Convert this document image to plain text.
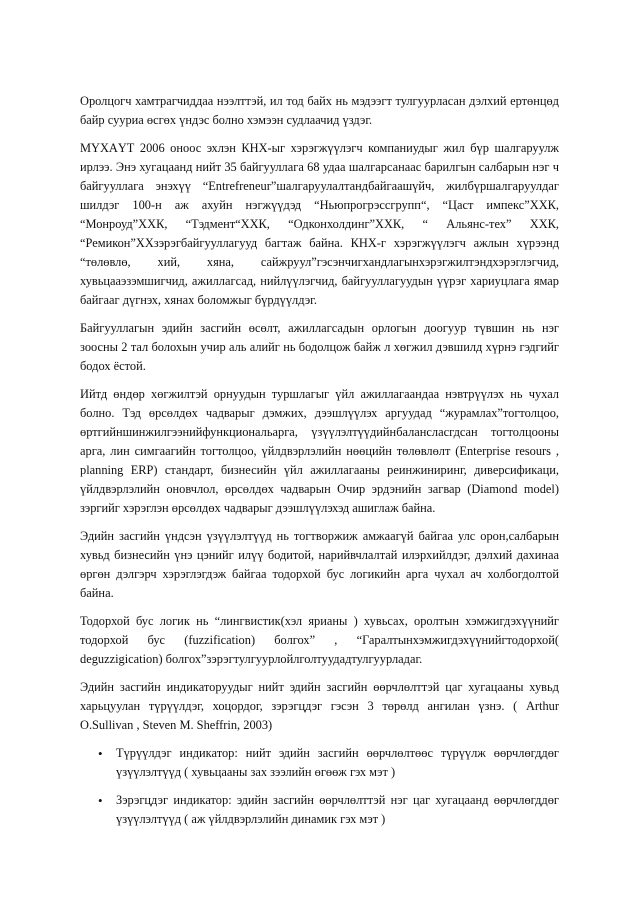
Оролцогч хамтрагчиддаа нээлттэй, ил тод байх нь мэдээгт тулгуурласан дэлхий ертөнцөд байр сууриа өсгөх үндэс болно хэмээн судлаачид үздэг.

МҮХАҮТ 2006 оноос эхлэн КНХ-ыг хэрэгжүүлэгч компаниудыг жил бүр шалгаруулж ирлээ. Энэ хугацаанд нийт 35 байгууллага 68 удаа шалгарсанаас барилгын салбарын нэг ч байгууллага энэхүү “Entrefreneur”шалгаруулалтандбайгаашүйч, жилбүршалгаруулдаг шилдэг 100-н аж ахуйн нэгжүүдэд “Ньюпрогрэссгрупп“, “Цаст импекс”ХХК, “Монроуд”ХХК, “Тэдмент“ХХК, “Одконхолдинг”ХХК, “ Альянс-тех” ХХК, “Ремикон”ХХзэрэгбайгууллагууд багтаж байна. КНХ-г хэрэгжүүлэгч ажлын хүрээнд “төлөвлө, хий, хяна, сайжруул”гэсэнчигхандлагынхэрэгжилтэндхэрэглэгчид, хувьцааэзэмшигчид, ажиллагсад, нийлүүлэгчид, байгууллагуудын үүрэг хариуцлага ямар байгааг дүгнэх, хянах боломжыг бүрдүүлдэг.

Байгууллагын эдийн засгийн өсөлт, ажиллагсадын орлогын доогуур түвшин нь нэг зоосны 2 тал болохын учир аль алийг нь бодолцож байж л хөгжил дэвшилд хүрнэ гэдгийг бодох ёстой.

Ийтд өндөр хөгжилтэй орнуудын туршлагыг үйл ажиллагаандаа нэвтрүүлэх нь чухал болно. Тэд өрсөлдөх чадварыг дэмжих, дээшлүүлэх аргуудад “журамлах”тогтолцоо, өртгийншинжилгээнийфункциональарга, үзүүлэлтүүдийнбалансласгдсан тогтолцооны арга, лин симгаагийн тогтолцоо, үйлдвэрлэлийн нөөцийн төлөвлөлт (Enterprise resours , planning ERP) стандарт, бизнесийн үйл ажиллагааны реинжиниринг, диверсификаци, үйлдвэрлэлийн оновчлол, өрсөлдөх чадварын Очир эрдэнийн загвар (Diamond model) зэргийг хэрэглэн өрсөлдөх чадварыг дээшлүүлэхэд ашиглаж байна.

Эдийн засгийн үндсэн үзүүлэлтүүд нь тогтворжиж амжаагүй байгаа улс орон,салбарын хувьд бизнесийн үнэ цэнийг илүү бодитой, нарийвчлалтай илэрхийлдэг, дэлхий дахинаа өргөн дэлгэрч хэрэглэгдэж байгаа тодорхой бус логикийн арга чухал ач холбогдолтой байна.

Тодорхой бус логик нь “лингвистик(хэл ярианы ) хувьсах, оролтын хэмжигдэхүүнийг тодорхой бус (fuzzification) болгох” , “Гаралтынхэмжигдэхүүнийгтодорхой( deguzzigication) болгох”зэрэгтулгуурлойлголтуудадтулгуурладаг.

Эдийн засгийн индикаторуудыг нийт эдийн засгийн өөрчлөлттэй цаг хугацааны хувьд харьцуулан түрүүлдэг, хоцордог, зэрэгцдэг гэсэн 3 төрөлд ангилан үзнэ. ( Arthur O.Sullivan , Steven M. Sheffrin, 2003)

•	Түрүүлдэг индикатор: нийт эдийн засгийн өөрчлөлтөөс түрүүлж өөрчлөгддөг үзүүлэлтүүд ( хувьцааны зах зээлийн өгөөж гэх мэт )
•	Зэрэгцдэг индикатор: эдийн засгийн өөрчлөлттэй нэг цаг хугацаанд өөрчлөгддөг үзүүлэлтүүд ( аж үйлдвэрлэлийн динамик гэх мэт )
